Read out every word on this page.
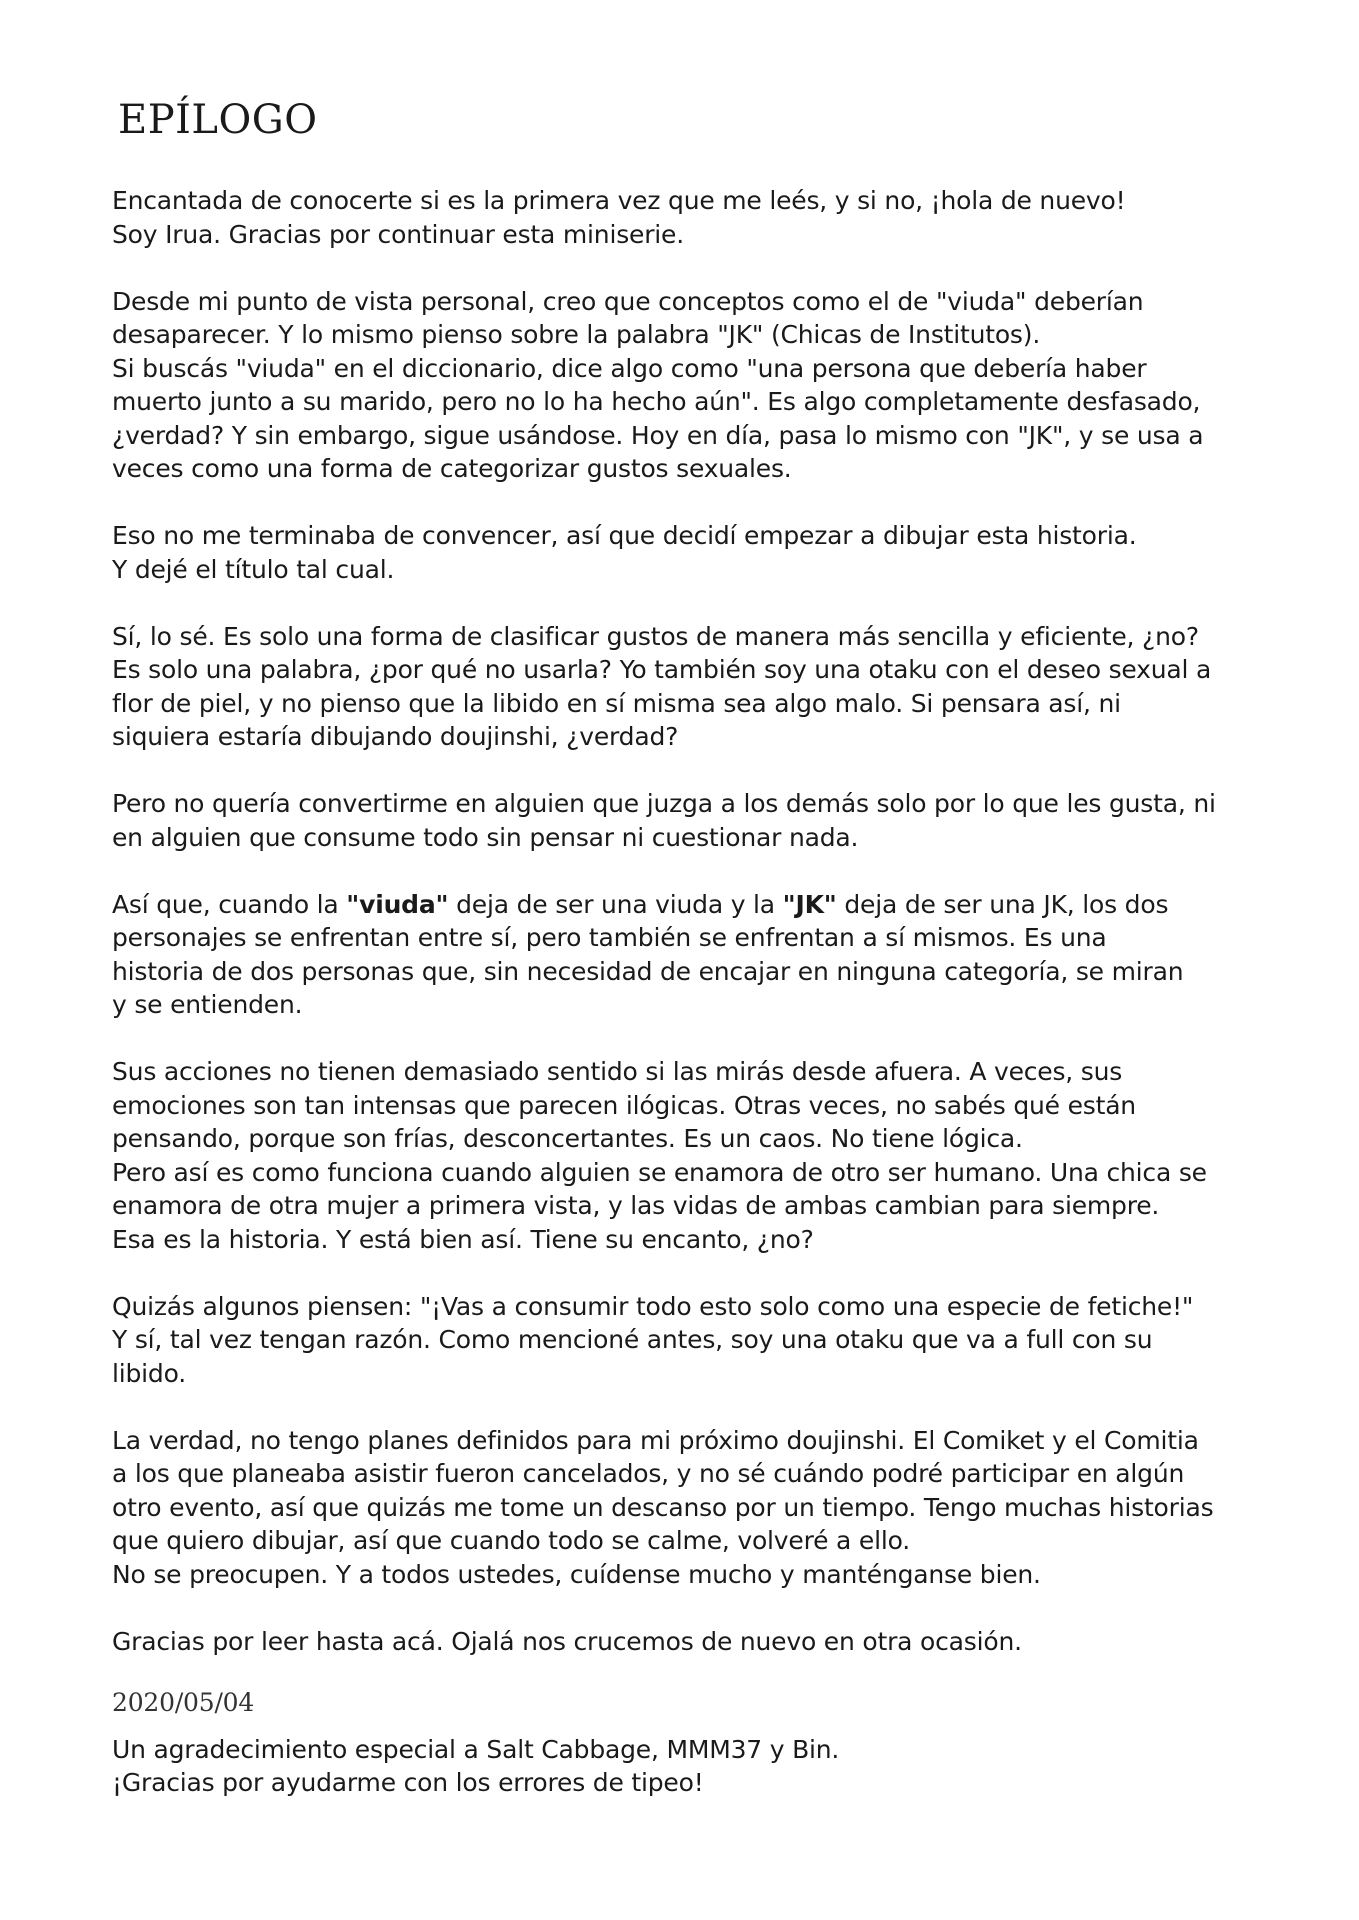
EPÍLOGO

Encantada de conocerte si es la primera vez que me leés, y si no, ¡hola de nuevo!
Soy Irua. Gracias por continuar esta miniserie.

Desde mi punto de vista personal, creo que conceptos como el de "viuda" deberían
desaparecer. Y lo mismo pienso sobre la palabra "JK" (Chicas de Institutos).
Si buscás "viuda" en el diccionario, dice algo como "una persona que debería haber
muerto junto a su marido, pero no lo ha hecho aún". Es algo completamente desfasado,
¿verdad? Y sin embargo, sigue usándose. Hoy en día, pasa lo mismo con "JK", y se usa a
veces como una forma de categorizar gustos sexuales.

Eso no me terminaba de convencer, así que decidí empezar a dibujar esta historia.
Y dejé el título tal cual.

Sí, lo sé. Es solo una forma de clasificar gustos de manera más sencilla y eficiente, ¿no?
Es solo una palabra, ¿por qué no usarla? Yo también soy una otaku con el deseo sexual a
flor de piel, y no pienso que la libido en sí misma sea algo malo. Si pensara así, ni
siquiera estaría dibujando doujinshi, ¿verdad?

Pero no quería convertirme en alguien que juzga a los demás solo por lo que les gusta, ni
en alguien que consume todo sin pensar ni cuestionar nada.

Así que, cuando la "viuda" deja de ser una viuda y la "JK" deja de ser una JK, los dos
personajes se enfrentan entre sí, pero también se enfrentan a sí mismos. Es una
historia de dos personas que, sin necesidad de encajar en ninguna categoría, se miran
y se entienden.

Sus acciones no tienen demasiado sentido si las mirás desde afuera. A veces, sus
emociones son tan intensas que parecen ilógicas. Otras veces, no sabés qué están
pensando, porque son frías, desconcertantes. Es un caos. No tiene lógica.
Pero así es como funciona cuando alguien se enamora de otro ser humano. Una chica se
enamora de otra mujer a primera vista, y las vidas de ambas cambian para siempre.
Esa es la historia. Y está bien así. Tiene su encanto, ¿no?

Quizás algunos piensen: "¡Vas a consumir todo esto solo como una especie de fetiche!"
Y sí, tal vez tengan razón. Como mencioné antes, soy una otaku que va a full con su
libido.

La verdad, no tengo planes definidos para mi próximo doujinshi. El Comiket y el Comitia
a los que planeaba asistir fueron cancelados, y no sé cuándo podré participar en algún
otro evento, así que quizás me tome un descanso por un tiempo. Tengo muchas historias
que quiero dibujar, así que cuando todo se calme, volveré a ello.
No se preocupen. Y a todos ustedes, cuídense mucho y manténganse bien.

Gracias por leer hasta acá. Ojalá nos crucemos de nuevo en otra ocasión.

2020/05/04

Un agradecimiento especial a Salt Cabbage, MMM37 y Bin.
¡Gracias por ayudarme con los errores de tipeo!
